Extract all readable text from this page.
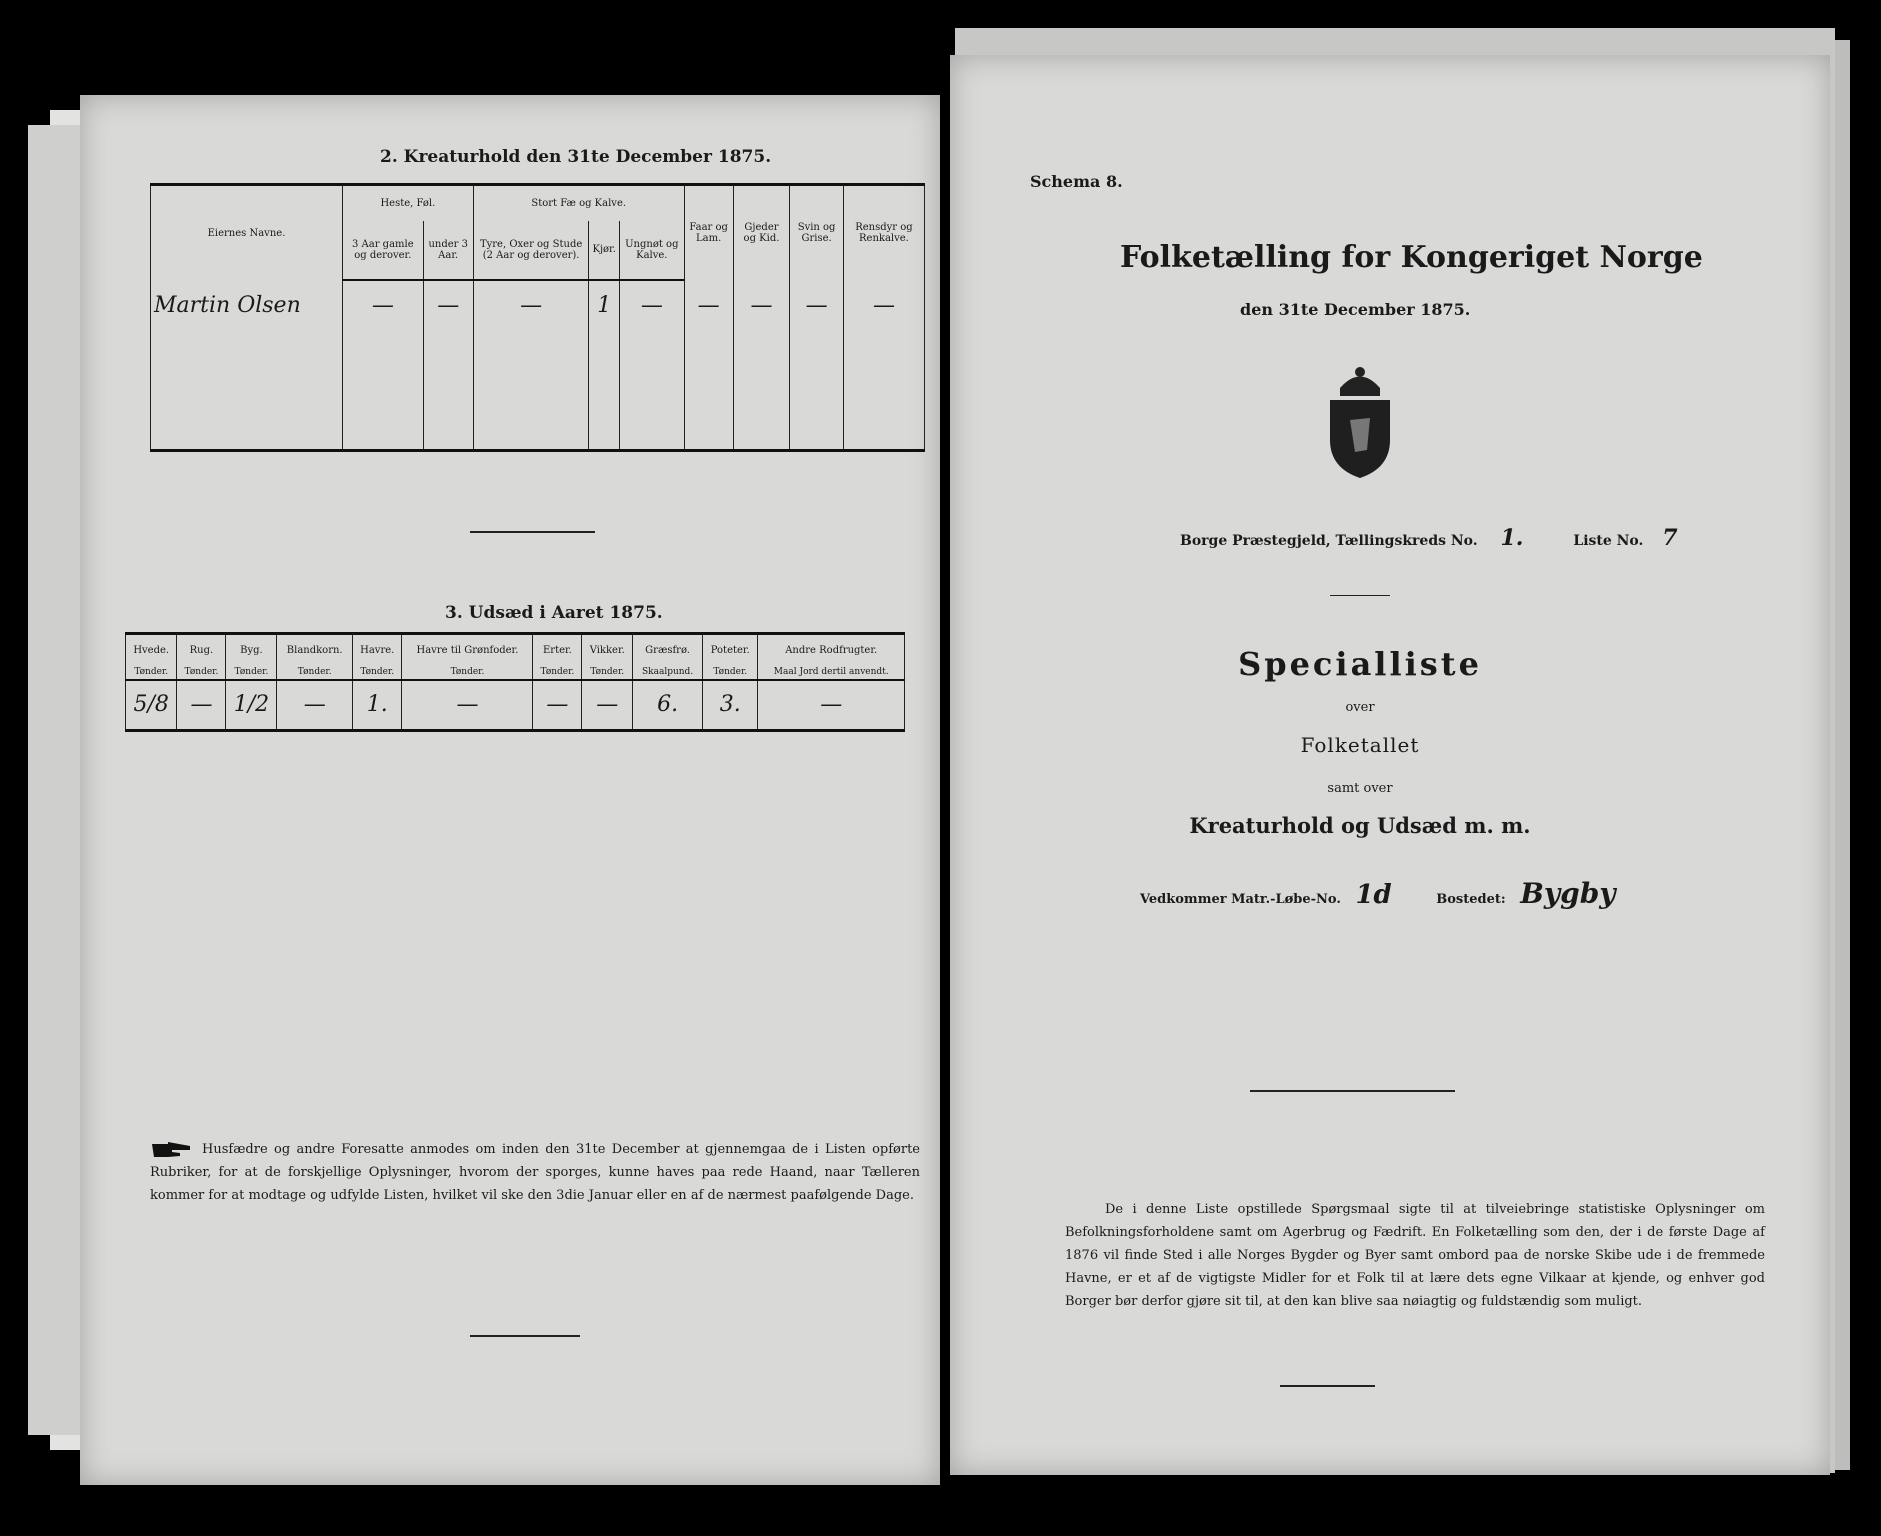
2. Kreaturhold den 31te December 1875.
Eiernes Navne.	Heste, Føl.		Stort Fæ og Kalve.			Faar og Lam.	Gjeder og Kid.	Svin og Grise.	Rensdyr og Renkalve.
	3 Aar gamle og derover.	under 3 Aar.	Tyre, Oxer og Stude (2 Aar og derover).	Kjør.	Ungnøt og Kalve.				
Martin Olsen	—	—	—	1	—	—	—	—	—

3. Udsæd i Aaret 1875.
Hvede.	Rug.	Byg.	Blandkorn.	Havre.	Havre til Grønfoder.	Erter.	Vikker.	Græsfrø.	Poteter.	Andre Rodfrugter.
Tønder.	Tønder.	Tønder.	Tønder.	Tønder.	Tønder.	Tønder.	Tønder.	Skaalpund.	Tønder.	Maal Jord dertil anvendt.
5/8	—	1/2	—	1.	—	—	—	6.	3.	—
Husfædre og andre Foresatte anmodes om inden den 31te December at gjennemgaa de i Listen opførte Rubriker, for at de forskjellige Oplysninger, hvorom der sporges, kunne haves paa rede Haand, naar Tælleren kommer for at modtage og udfylde Listen, hvilket vil ske den 3die Januar eller en af de nærmest paafølgende Dage.
Schema 8.
Folketælling for Kongeriget Norge
den 31te December 1875.
Borge Præstegjeld, Tællingskreds No. 1.	Liste No. 7
Specialliste
over
Folketallet
samt over
Kreaturhold og Udsæd m. m.
Vedkommer Matr.-Løbe-No. 1d	Bostedet: Bygby
De i denne Liste opstillede Spørgsmaal sigte til at tilveiebringe statistiske Oplysninger om Befolkningsforholdene samt om Agerbrug og Fædrift. En Folketælling som den, der i de første Dage af 1876 vil finde Sted i alle Norges Bygder og Byer samt ombord paa de norske Skibe ude i de fremmede Havne, er et af de vigtigste Midler for et Folk til at lære dets egne Vilkaar at kjende, og enhver god Borger bør derfor gjøre sit til, at den kan blive saa nøiagtig og fuldstændig som muligt.
